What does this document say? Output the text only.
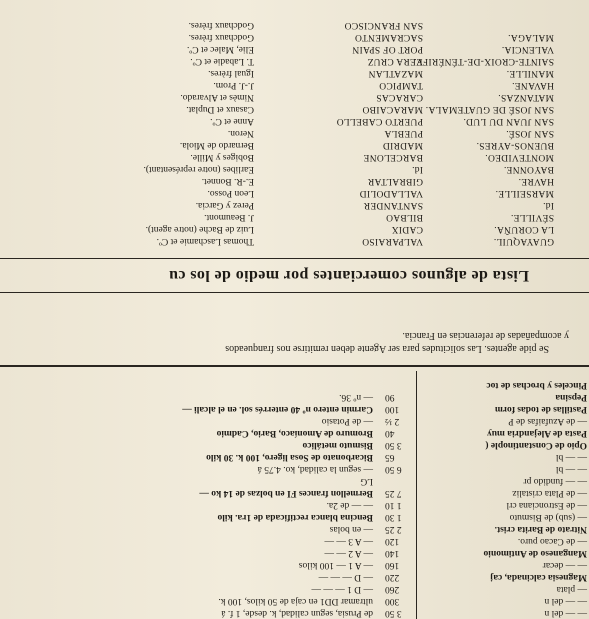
— — del n
— — del n
— plata
Magnesia calcinada, caj
— — decar
Manganeso de Antimonio
— de Cacao puro.
Nitrato de Barita crist.
— (sub) de Bismuto
— de Estroncianа crl
— de Plata cristaliz
— — fundido pr
— — bl
— — bl
Opio de Constantinople (
Pasta de Alejandria muy
— de Azufaifas de P
Pastillas de todas form
Pepsina
Pinceles y brochas de toc
3 50
de Prusia, segun calidad, k. desde, 1 f. á
300
ultramar DD1 en caja de 50 kilos, 100 k.
260
— D 1 — — —
220
— D — — —
160
— A 1 — 100 kilos
140
— A 2 — —
120
— A 3 — —
2 25
— en bolas
1 30
Bencina blanca rectificada de 1ra. kilo
1 10
— — de 2a.
7 25
Bermellon frances FI en bolzas de 14 ko —
LG
6 50
— segun la calidad, ko. 4.75 á
65
Bicarbonato de Sosa ligero, 100 k. 30 kilo
3 50
Bismuto metálico
40
Bromuro de Amoníaco, Bario, Cadmio
2 ½
— de Potasio
100
Carmin entero nº 40 enterrés sol. en el alcali —
90
— nº 36.
Se pide agentes. Las solicitudes para ser Agente deben remitirse nos franqueados
y acompañadas de referencias en Francia.
Lista de algunos comerciantes por medio de los cu
GUAYAQUIL.
LA CORUÑA.
SÉVILLE.
Id.
MARSEILLE.
HAVRE.
BAYONNE.
MONTEVIDEO.
BUENOS-AYRES.
SAN JOSÉ.
SAN JUAN DU LUD.
SAN JOSÉ DE GUATEMALA.
MATANZAS.
HAVANE.
MANILLE.
SAINTE-CROIX-DE-TÉNÉRIFE.
VALENCIA.
MALAGA.
VALPARAISO
Thomas Laschamie et Cº.
CADIX
Luiz de Bache (notre agent).
BILBAO
J. Beaumont.
SANTANDER
Perez y Garcia.
VALLADOLID
Leon Posso.
GIBRALTAR
E.-R. Bonnet.
Id.
Earlibes (notre représentant).
BARCELONE
Bobiges y Mille.
MADRID
Bernardo de Miola.
PUEBLA
Neron.
PUERTO CABELLO
Anne et Cº.
MARACAIBO
Casaux et Duplat.
CARACAS
Nimès et Alvarado.
TAMPICO
J.-J. Prom.
MAZATLAN
Igual frères.
VERA CRUZ
T. Labadie et Cº.
PORT OF SPAIN
Elie, Malec et Cº.
SACRAMENTO
Godchaux frères.
SAN FRANCISCO
Godchaux frères.
